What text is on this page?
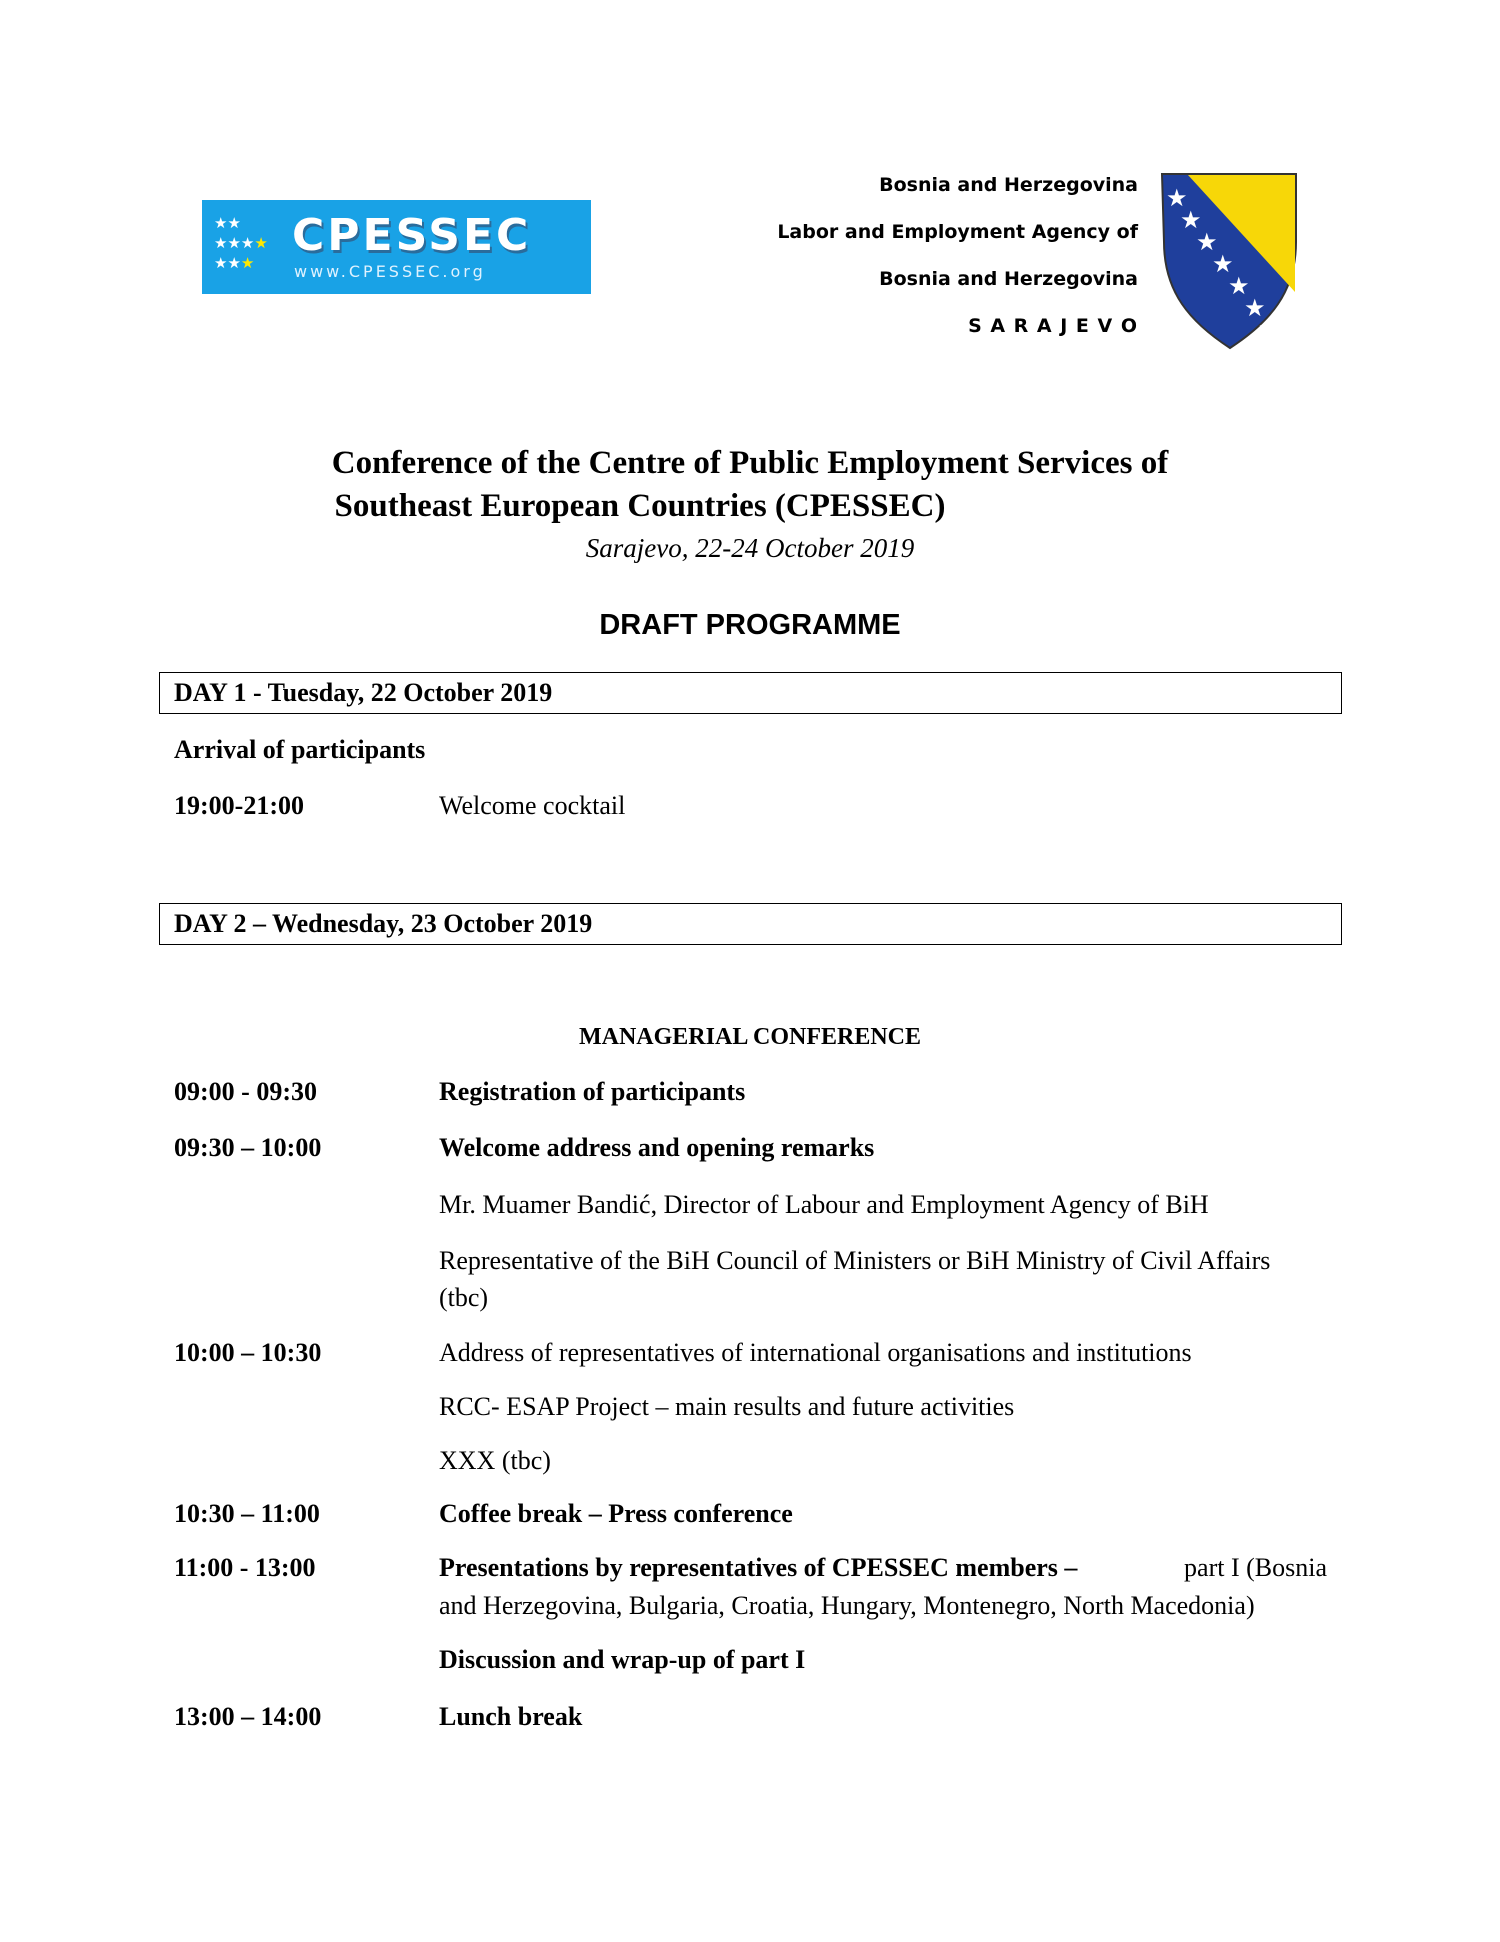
★★
★★★★
★★★
CPESSEC
www.CPESSEC.org
Bosnia and Herzegovina
Labor and Employment Agency of
Bosnia and Herzegovina
S A R A J E V O
★
★
★
★
★
★
★
Conference of the Centre of Public Employment Services of
Southeast European Countries (CPESSEC)
Sarajevo, 22-24 October 2019
DRAFT PROGRAMME
DAY 1 - Tuesday, 22 October 2019
Arrival of participants
19:00-21:00	Welcome cocktail
DAY 2 – Wednesday, 23 October 2019
MANAGERIAL CONFERENCE
09:00 - 09:30	Registration of participants
09:30 – 10:00	Welcome address and opening remarks
Mr. Muamer Bandić, Director of Labour and Employment Agency of BiH
Representative of the BiH Council of Ministers or BiH Ministry of Civil Affairs
(tbc)
10:00 – 10:30	Address of representatives of international organisations and institutions
RCC- ESAP Project – main results and future activities
XXX (tbc)
10:30 – 11:00	Coffee break – Press conference
11:00 - 13:00	Presentations by representatives of CPESSEC members –	part I (Bosnia
and Herzegovina, Bulgaria, Croatia, Hungary, Montenegro, North Macedonia)
Discussion and wrap-up of part I
13:00 – 14:00	Lunch break
